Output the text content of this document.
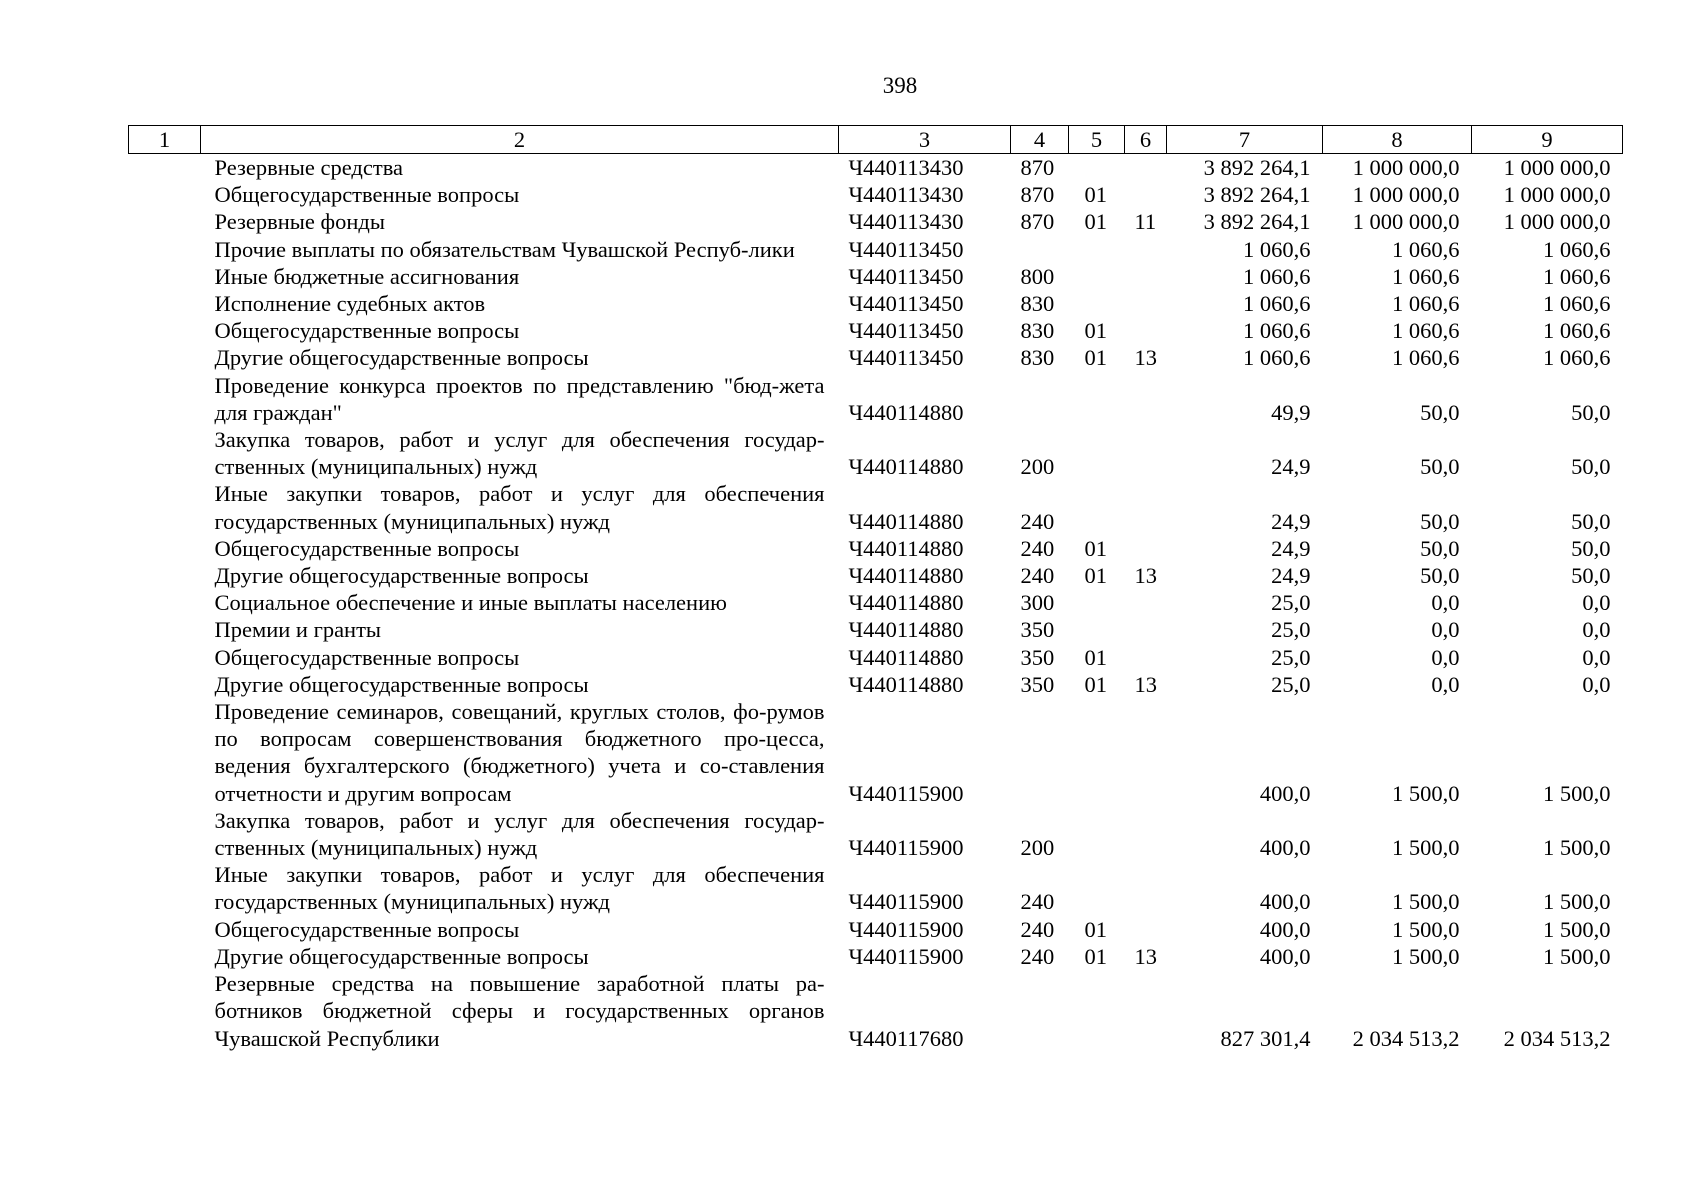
398
1	2	3	4	5	6	7	8	9
	Резервные средства	Ч440113430	870			3 892 264,1	1 000 000,0	1 000 000,0
	Общегосударственные вопросы	Ч440113430	870	01		3 892 264,1	1 000 000,0	1 000 000,0
	Резервные фонды	Ч440113430	870	01	11	3 892 264,1	1 000 000,0	1 000 000,0
	Прочие выплаты по обязательствам Чувашской Респуб-лики	Ч440113450				1 060,6	1 060,6	1 060,6
	Иные бюджетные ассигнования	Ч440113450	800			1 060,6	1 060,6	1 060,6
	Исполнение судебных актов	Ч440113450	830			1 060,6	1 060,6	1 060,6
	Общегосударственные вопросы	Ч440113450	830	01		1 060,6	1 060,6	1 060,6
	Другие общегосударственные вопросы	Ч440113450	830	01	13	1 060,6	1 060,6	1 060,6
	Проведение конкурса проектов по представлению "бюд-жета для граждан"	Ч440114880				49,9	50,0	50,0
	Закупка товаров, работ и услуг для обеспечения государ-ственных (муниципальных) нужд	Ч440114880	200			24,9	50,0	50,0
	Иные закупки товаров, работ и услуг для обеспечения государственных (муниципальных) нужд	Ч440114880	240			24,9	50,0	50,0
	Общегосударственные вопросы	Ч440114880	240	01		24,9	50,0	50,0
	Другие общегосударственные вопросы	Ч440114880	240	01	13	24,9	50,0	50,0
	Социальное обеспечение и иные выплаты населению	Ч440114880	300			25,0	0,0	0,0
	Премии и гранты	Ч440114880	350			25,0	0,0	0,0
	Общегосударственные вопросы	Ч440114880	350	01		25,0	0,0	0,0
	Другие общегосударственные вопросы	Ч440114880	350	01	13	25,0	0,0	0,0
	Проведение семинаров, совещаний, круглых столов, фо-румов по вопросам совершенствования бюджетного про-цесса, ведения бухгалтерского (бюджетного) учета и со-ставления отчетности и другим вопросам	Ч440115900				400,0	1 500,0	1 500,0
	Закупка товаров, работ и услуг для обеспечения государ-ственных (муниципальных) нужд	Ч440115900	200			400,0	1 500,0	1 500,0
	Иные закупки товаров, работ и услуг для обеспечения государственных (муниципальных) нужд	Ч440115900	240			400,0	1 500,0	1 500,0
	Общегосударственные вопросы	Ч440115900	240	01		400,0	1 500,0	1 500,0
	Другие общегосударственные вопросы	Ч440115900	240	01	13	400,0	1 500,0	1 500,0
	Резервные средства на повышение заработной платы ра-ботников бюджетной сферы и государственных органов Чувашской Республики	Ч440117680				827 301,4	2 034 513,2	2 034 513,2
